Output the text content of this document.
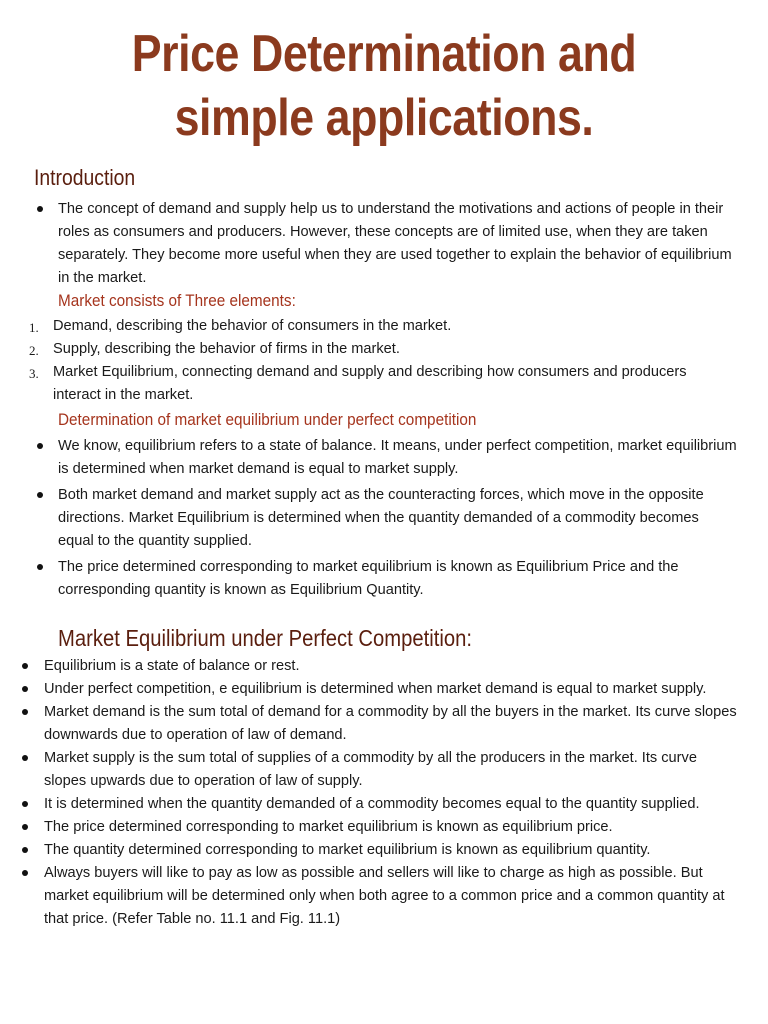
Price Determination and
simple applications.
Introduction
The concept of demand and supply help us to understand the motivations and actions of people in their roles as consumers and producers. However, these concepts are of limited use, when they are taken separately. They become more useful when they are used together to explain the behavior of equilibrium in the market.
Market consists of Three elements:
1. Demand, describing the behavior of consumers in the market.
2. Supply, describing the behavior of firms in the market.
3. Market Equilibrium, connecting demand and supply and describing how consumers and producers interact in the market.
Determination of market equilibrium under perfect competition
We know, equilibrium refers to a state of balance. It means, under perfect competition, market equilibrium is determined when market demand is equal to market supply.
Both market demand and market supply act as the counteracting forces, which move in the opposite directions. Market Equilibrium is determined when the quantity demanded of a commodity becomes equal to the quantity supplied.
The price determined corresponding to market equilibrium is known as Equilibrium Price and the corresponding quantity is known as Equilibrium Quantity.
Market Equilibrium under Perfect Competition:
Equilibrium is a state of balance or rest.
Under perfect competition, e equilibrium is determined when market demand is equal to market supply.
Market demand is the sum total of demand for a commodity by all the buyers in the market. Its curve slopes downwards due to operation of law of demand.
Market supply is the sum total of supplies of a commodity by all the producers in the market. Its curve slopes upwards due to operation of law of supply.
It is determined when the quantity demanded of a commodity becomes equal to the quantity supplied.
The price determined corresponding to market equilibrium is known as equilibrium price.
The quantity determined corresponding to market equilibrium is known as equilibrium quantity.
Always buyers will like to pay as low as possible and sellers will like to charge as high as possible. But market equilibrium will be determined only when both agree to a common price and a common quantity at that price. (Refer Table no. 11.1 and Fig. 11.1)
